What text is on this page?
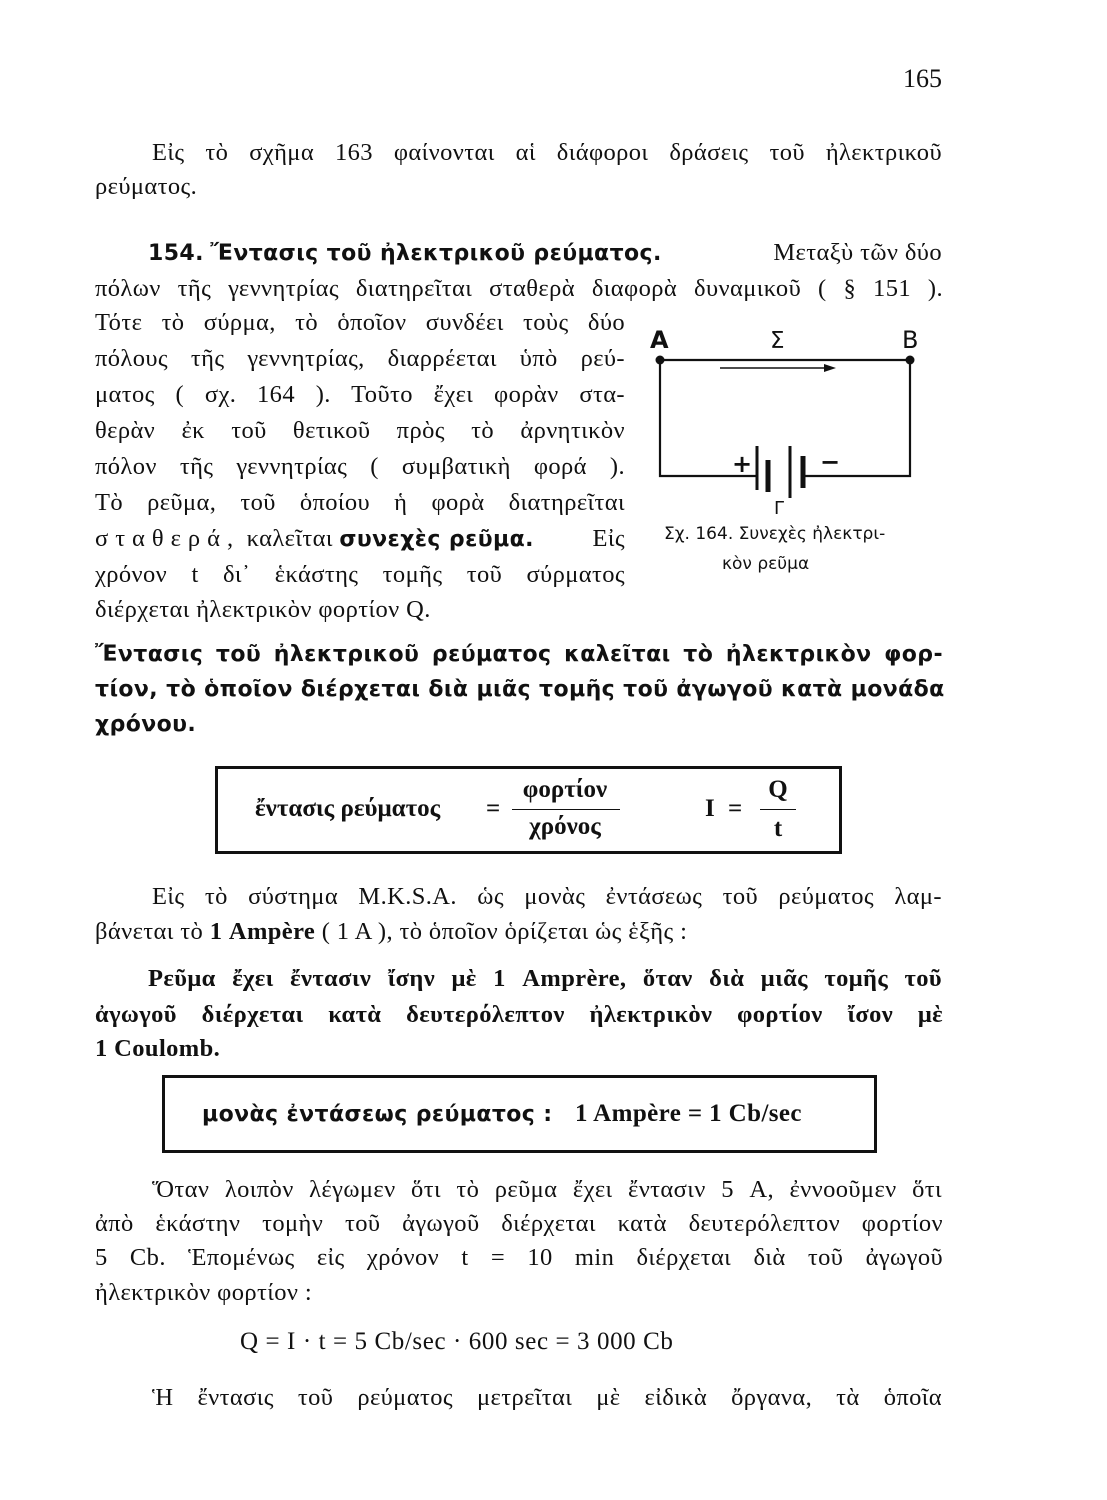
165
Εἰς τὸ σχῆμα 163 φαίνονται αἱ διάφοροι δράσεις τοῦ ἠλεκτρικοῦ
ρεύματος.
154. Ἔντασις τοῦ ἠλεκτρικοῦ ρεύματος.	Μεταξὺ τῶν δύο
πόλων τῆς γεννητρίας διατηρεῖται σταθερὰ διαφορὰ δυναμικοῦ ( § 151 ).
Τότε τὸ σύρμα, τὸ ὁποῖον συνδέει τοὺς δύο
πόλους τῆς γεννητρίας, διαρρέεται ὑπὸ ρεύ-
ματος ( σχ. 164 ). Τοῦτο ἔχει φορὰν στα-
θερὰν ἐκ τοῦ θετικοῦ πρὸς τὸ ἀρνητικὸν
πόλον τῆς γεννητρίας ( συμβατικὴ φορά ).
Τὸ ρεῦμα, τοῦ ὁποίου ἡ φορὰ διατηρεῖται
σταθερά, καλεῖται συνεχὲς ρεῦμα. Εἰς
χρόνον t δι᾿ ἑκάστης τομῆς τοῦ σύρματος
διέρχεται ἠλεκτρικὸν φορτίον Q.
A	Σ	B
+	−
Γ
Σχ. 164. Συνεχὲς ἠλεκτρι-
κὸν ρεῦμα
Ἔντασις τοῦ ἠλεκτρικοῦ ρεύματος καλεῖται τὸ ἠλεκτρικὸν φορ-
τίον, τὸ ὁποῖον διέρχεται διὰ μιᾶς τομῆς τοῦ ἀγωγοῦ κατὰ μονάδα
χρόνου.
ἔντασις ρεύματος =
φορτίον
χρόνος
I =
Q
t
Εἰς τὸ σύστημα M.K.S.A. ὡς μονὰς ἐντάσεως τοῦ ρεύματος λαμ-
βάνεται τὸ 1 Ampère ( 1 A ), τὸ ὁποῖον ὁρίζεται ὡς ἑξῆς :
Ρεῦμα ἔχει ἔντασιν ἴσην μὲ 1 Amprère, ὅταν διὰ μιᾶς τομῆς τοῦ
ἀγωγοῦ διέρχεται κατὰ δευτερόλεπτον ἠλεκτρικὸν φορτίον ἴσον μὲ
1 Coulomb.
μονὰς ἐντάσεως ρεύματος : 1 Ampère = 1 Cb/sec
Ὅταν λοιπὸν λέγωμεν ὅτι τὸ ρεῦμα ἔχει ἔντασιν 5 A, ἐννοοῦμεν ὅτι
ἀπὸ ἑκάστην τομὴν τοῦ ἀγωγοῦ διέρχεται κατὰ δευτερόλεπτον φορτίον
5 Cb. Ἑπομένως εἰς χρόνον t = 10 min διέρχεται διὰ τοῦ ἀγωγοῦ
ἠλεκτρικὸν φορτίον :
Q = I · t = 5 Cb/sec · 600 sec = 3 000 Cb
Ἡ ἔντασις τοῦ ρεύματος μετρεῖται μὲ εἰδικὰ ὄργανα, τὰ ὁποῖα
